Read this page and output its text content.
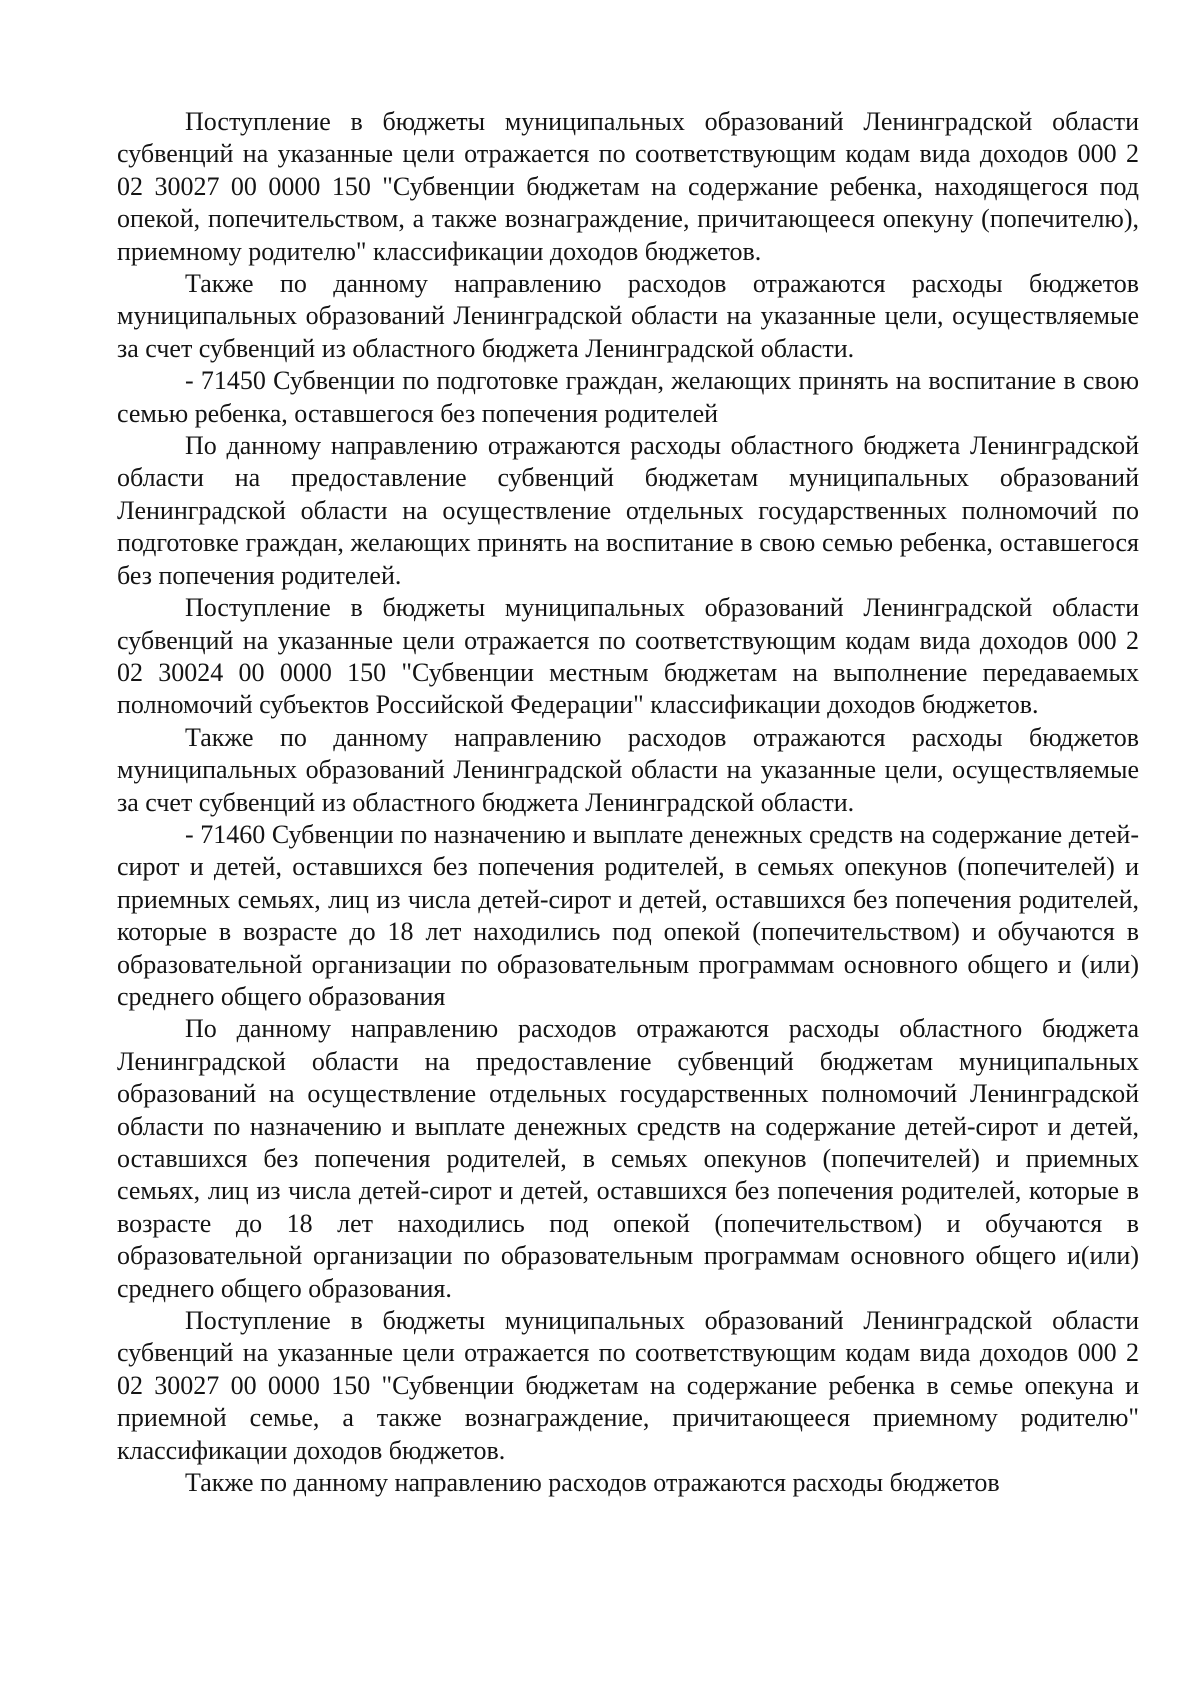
Поступление в бюджеты муниципальных образований Ленинградской области субвенций на указанные цели отражается по соответствующим кодам вида доходов 000 2 02 30027 00 0000 150 "Субвенции бюджетам на содержание ребенка, находящегося под опекой, попечительством, а также вознаграждение, причитающееся опекуну (попечителю), приемному родителю" классификации доходов бюджетов.

Также по данному направлению расходов отражаются расходы бюджетов муниципальных образований Ленинградской области на указанные цели, осуществляемые за счет субвенций из областного бюджета Ленинградской области.

- 71450 Субвенции по подготовке граждан, желающих принять на воспитание в свою семью ребенка, оставшегося без попечения родителей

По данному направлению отражаются расходы областного бюджета Ленинградской области на предоставление субвенций бюджетам муниципальных образований Ленинградской области на осуществление отдельных государственных полномочий по подготовке граждан, желающих принять на воспитание в свою семью ребенка, оставшегося без попечения родителей.

Поступление в бюджеты муниципальных образований Ленинградской области субвенций на указанные цели отражается по соответствующим кодам вида доходов 000 2 02 30024 00 0000 150 "Субвенции местным бюджетам на выполнение передаваемых полномочий субъектов Российской Федерации" классификации доходов бюджетов.

Также по данному направлению расходов отражаются расходы бюджетов муниципальных образований Ленинградской области на указанные цели, осуществляемые за счет субвенций из областного бюджета Ленинградской области.

- 71460 Субвенции по назначению и выплате денежных средств на содержание детей-сирот и детей, оставшихся без попечения родителей, в семьях опекунов (попечителей) и приемных семьях, лиц из числа детей-сирот и детей, оставшихся без попечения родителей, которые в возрасте до 18 лет находились под опекой (попечительством) и обучаются в образовательной организации по образовательным программам основного общего и (или) среднего общего образования

По данному направлению расходов отражаются расходы областного бюджета Ленинградской области на предоставление субвенций бюджетам муниципальных образований на осуществление отдельных государственных полномочий Ленинградской области по назначению и выплате денежных средств на содержание детей-сирот и детей, оставшихся без попечения родителей, в семьях опекунов (попечителей) и приемных семьях, лиц из числа детей-сирот и детей, оставшихся без попечения родителей, которые в возрасте до 18 лет находились под опекой (попечительством) и обучаются в образовательной организации по образовательным программам основного общего и(или) среднего общего образования.

Поступление в бюджеты муниципальных образований Ленинградской области субвенций на указанные цели отражается по соответствующим кодам вида доходов 000 2 02 30027 00 0000 150 "Субвенции бюджетам на содержание ребенка в семье опекуна и приемной семье, а также вознаграждение, причитающееся приемному родителю" классификации доходов бюджетов.

Также по данному направлению расходов отражаются расходы бюджетов
